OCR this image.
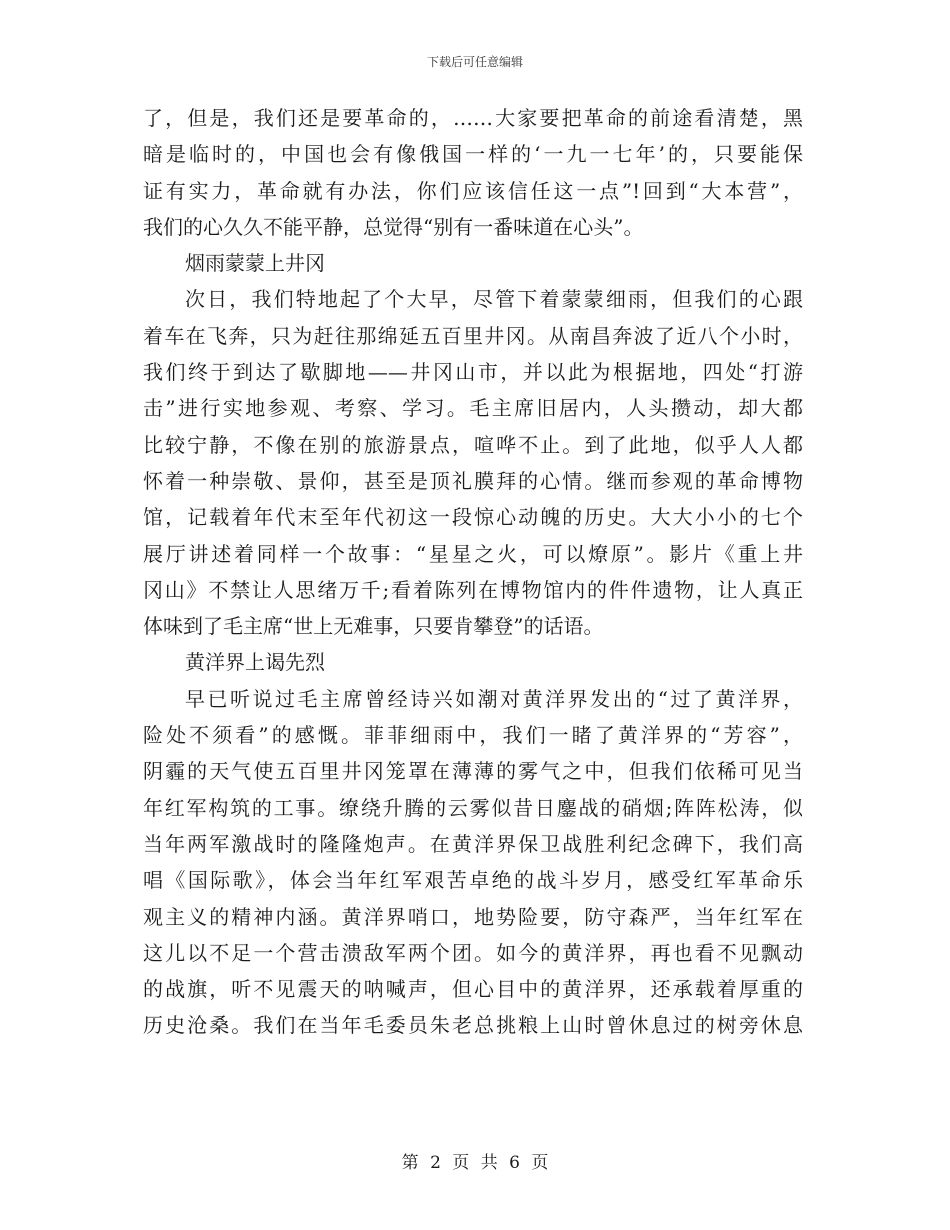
下载后可任意编辑
了，但是，我们还是要革命的，……大家要把革命的前途看清楚，黑
暗是临时的，中国也会有像俄国一样的‘一九一七年’的，只要能保
证有实力，革命就有办法，你们应该信任这一点”!回到“大本营”，
我们的心久久不能平静，总觉得“别有一番味道在心头”。
烟雨蒙蒙上井冈
次日，我们特地起了个大早，尽管下着蒙蒙细雨，但我们的心跟
着车在飞奔，只为赶往那绵延五百里井冈。从南昌奔波了近八个小时，
我们终于到达了歇脚地——井冈山市，并以此为根据地，四处“打游
击”进行实地参观、考察、学习。毛主席旧居内，人头攒动，却大都
比较宁静，不像在别的旅游景点，喧哗不止。到了此地，似乎人人都
怀着一种崇敬、景仰，甚至是顶礼膜拜的心情。继而参观的革命博物
馆，记载着年代末至年代初这一段惊心动魄的历史。大大小小的七个
展厅讲述着同样一个故事：“星星之火，可以燎原”。影片《重上井
冈山》不禁让人思绪万千;看着陈列在博物馆内的件件遗物，让人真正
体味到了毛主席“世上无难事，只要肯攀登”的话语。
黄洋界上谒先烈
早已听说过毛主席曾经诗兴如潮对黄洋界发出的“过了黄洋界，
险处不须看”的感慨。菲菲细雨中，我们一睹了黄洋界的“芳容”，
阴霾的天气使五百里井冈笼罩在薄薄的雾气之中，但我们依稀可见当
年红军构筑的工事。缭绕升腾的云雾似昔日鏖战的硝烟;阵阵松涛，似
当年两军激战时的隆隆炮声。在黄洋界保卫战胜利纪念碑下，我们高
唱《国际歌》，体会当年红军艰苦卓绝的战斗岁月，感受红军革命乐
观主义的精神内涵。黄洋界哨口，地势险要，防守森严，当年红军在
这儿以不足一个营击溃敌军两个团。如今的黄洋界，再也看不见飘动
的战旗，听不见震天的呐喊声，但心目中的黄洋界，还承载着厚重的
历史沧桑。我们在当年毛委员朱老总挑粮上山时曾休息过的树旁休息
第 2 页 共 6 页
